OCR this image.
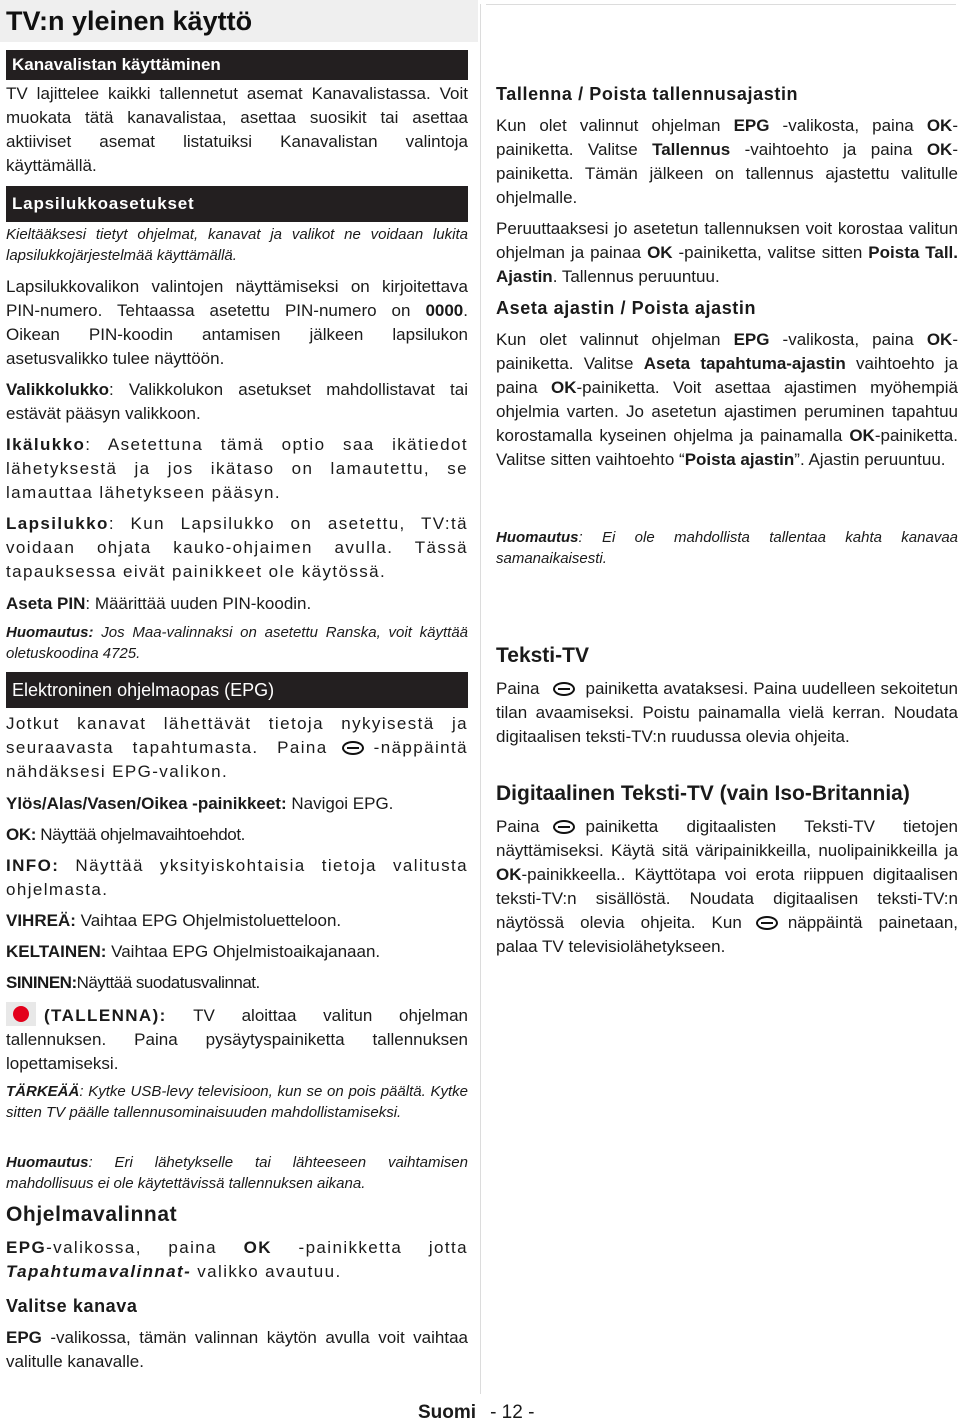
TV:n yleinen käyttö
Kanavalistan käyttäminen

TV lajittelee kaikki tallennetut asemat Kanavalistassa. Voit muokata tätä kanavalistaa, asettaa suosikit tai asettaa aktiiviset asemat listatuiksi Kanavalistan valintoja käyttämällä.

Lapsilukkoasetukset

Kieltääksesi tietyt ohjelmat, kanavat ja valikot ne voidaan lukita lapsilukkojärjestelmää käyttämällä.

Lapsilukkovalikon valintojen näyttämiseksi on kirjoitettava PIN-numero. Tehtaassa asetettu PIN-numero on 0000. Oikean PIN-koodin antamisen jälkeen lapsilukon asetusvalikko tulee näyttöön.

Valikkolukko: Valikkolukon asetukset mahdollistavat tai estävät pääsyn valikkoon.

Ikälukko: Asetettuna tämä optio saa ikätiedot lähetyksestä ja jos ikätaso on lamautettu, se lamauttaa lähetykseen pääsyn.

Lapsilukko: Kun Lapsilukko on asetettu, TV:tä voidaan ohjata kauko-ohjaimen avulla. Tässä tapauksessa eivät painikkeet ole käytössä.

Aseta PIN: Määrittää uuden PIN-koodin.

Huomautus: Jos Maa-valinnaksi on asetettu Ranska, voit käyttää oletuskoodina 4725.

Elektroninen ohjelmaopas (EPG)

Jotkut kanavat lähettävät tietoja nykyisestä ja seuraavasta tapahtumasta. Paina	-näppäintä nähdäksesi EPG-valikon.

Ylös/Alas/Vasen/Oikea -painikkeet: Navigoi EPG.

OK: Näyttää ohjelmavaihtoehdot.

INFO: Näyttää yksityiskohtaisia tietoja valitusta ohjelmasta.

VIHREÄ: Vaihtaa EPG Ohjelmistoluetteloon.

KELTAINEN: Vaihtaa EPG Ohjelmistoaikajanaan.

SININEN:Näyttää suodatusvalinnat.

(TALLENNA): TV aloittaa valitun ohjelman tallennuksen. Paina pysäytyspainiketta tallennuksen lopettamiseksi.

TÄRKEÄÄ: Kytke USB-levy televisioon, kun se on pois päältä. Kytke sitten TV päälle tallennusominaisuuden mahdollistamiseksi.

Huomautus: Eri lähetykselle tai lähteeseen vaihtamisen mahdollisuus ei ole käytettävissä tallennuksen aikana.

Ohjelmavalinnat

EPG-valikossa, paina OK -painikketta jotta Tapahtumavalinnat- valikko avautuu.

Valitse kanava

EPG -valikossa, tämän valinnan käytön avulla voit vaihtaa valitulle kanavalle.

Tallenna / Poista tallennusajastin

Kun olet valinnut ohjelman EPG -valikosta, paina OK-painiketta. Valitse Tallennus -vaihtoehto ja paina OK-painiketta. Tämän jälkeen on tallennus ajastettu valitulle ohjelmalle.

Peruuttaaksesi jo asetetun tallennuksen voit korostaa valitun ohjelman ja painaa OK -painiketta, valitse sitten Poista Tall. Ajastin. Tallennus peruuntuu.

Aseta ajastin / Poista ajastin

Kun olet valinnut ohjelman EPG -valikosta, paina OK-painiketta. Valitse Aseta tapahtuma-ajastin vaihtoehto ja paina OK-painiketta. Voit asettaa ajastimen myöhempiä ohjelmia varten. Jo asetetun ajastimen peruminen tapahtuu korostamalla kyseinen ohjelma ja painamalla OK-painiketta. Valitse sitten vaihtoehto “Poista ajastin”. Ajastin peruuntuu.

Huomautus: Ei ole mahdollista tallentaa kahta kanavaa samanaikaisesti.

Teksti-TV

Paina	painiketta avataksesi. Paina uudelleen sekoitetun tilan avaamiseksi. Poistu painamalla vielä kerran. Noudata digitaalisen teksti-TV:n ruudussa olevia ohjeita.

Digitaalinen Teksti-TV (vain Iso-Britannia)

Paina	painiketta digitaalisten Teksti-TV tietojen näyttämiseksi. Käytä sitä väripainikkeilla, nuolipainikkeilla ja OK-painikkeella.. Käyttötapa voi erota riippuen digitaalisen teksti-TV:n sisällöstä. Noudata digitaalisen teksti-TV:n näytössä olevia ohjeita. Kun	näppäintä painetaan, palaa TV televisiolähetykseen.

Suomi - 12 -
